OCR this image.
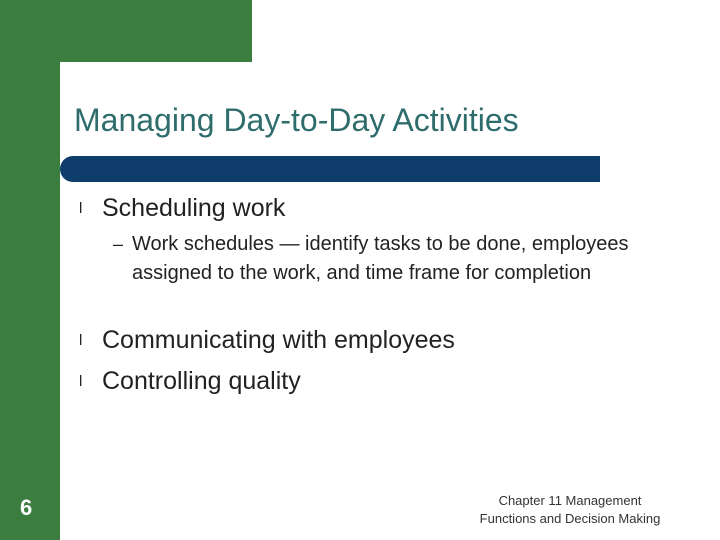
Managing Day-to-Day Activities
l Scheduling work
– Work schedules — identify tasks to be done, employees assigned to the work, and time frame for completion
l Communicating with employees
l Controlling quality
6	Chapter 11 Management
Functions and Decision Making
